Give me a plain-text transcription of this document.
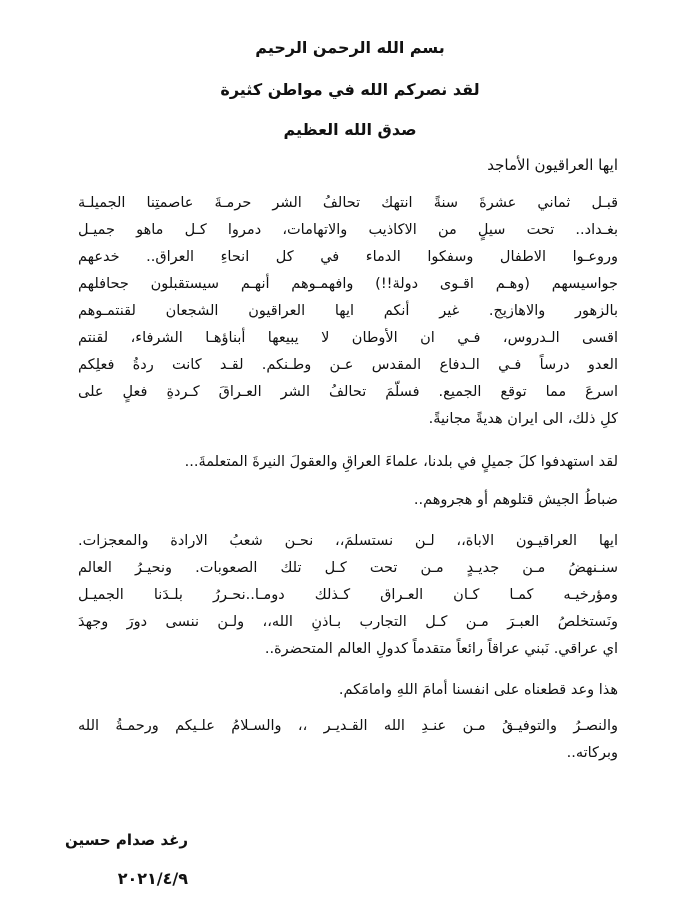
بسم الله الرحمن الرحيم
لقد نصركم الله في مواطن كثيرة
صدق الله العظيم
ايها العراقيون الأماجد
قبـل ثماني عشرةَ سنةً انتهك تحالفُ الشر حرمـةَ عاصمتِنا الجميلـة
بغـداد.. تحت سيلٍ من الاكاذيب والاتهامات، دمروا كـل ماهو جميـل
وروعـوا الاطفال وسفكوا الدماء في كل انحاءِ العراق.. خدعهم
جواسيسهم (وهـم اقـوى دولة!!) وافهمـوهم أنهـم سيستقبلون جحافلهم
بالزهور والاهازيج. غير أنكم ايها العراقيون الشجعان لقنتمـوهم
اقسى الـدروس، فـي ان الأوطان لا يبيعها أبناؤهـا الشرفاء، لقنتم
العدو درساً فـي الـدفاع المقدس عـن وطـنكم. لقـد كانت ردةُ فعلِكم
اسرعَ مما توقع الجميع. فسلّمَ تحالفُ الشر العـراقَ كـردةِ فعلٍ على
كلِ ذلك، الى ايران هديةً مجانيةً.
لقد استهدفوا كلَ جميلٍ في بلدنا، علماءَ العراقِ والعقولَ النيرةَ المتعلمةَ...
ضباطُ الجيش قتلوهم أو هجروهم..
ايها العراقيـون الاباة،، لـن نستسلمَ،، نحـن شعبُ الارادة والمعجزات.
سنـنهضُ مـن جديـدٍ مـن تحت كـل تلك الصعوبات. ونحيـرُ العالم
ومؤرخيـه كمـا كـان العـراق كـذلك دومـا..نحـررُ بلـدَنا الجميـل
ونَستخلصُ العبـرَ مـن كـل التجارب بـاذنِ الله،، ولـن ننسى دورَ وجهدَ
اي عراقي. نَبني عراقاً رائعاً متقدماً كدولِ العالم المتحضرة..
هذا وعد قطعناه على انفسنا أمامَ اللهِ وامامَكم.
والنصـرُ والتوفيـقُ مـن عنـدِ الله القـديـر ،، والسـلامُ علـيكم ورحمـةُ الله
وبركاته..
رغد صدام حسين
٢٠٢١/٤/٩
